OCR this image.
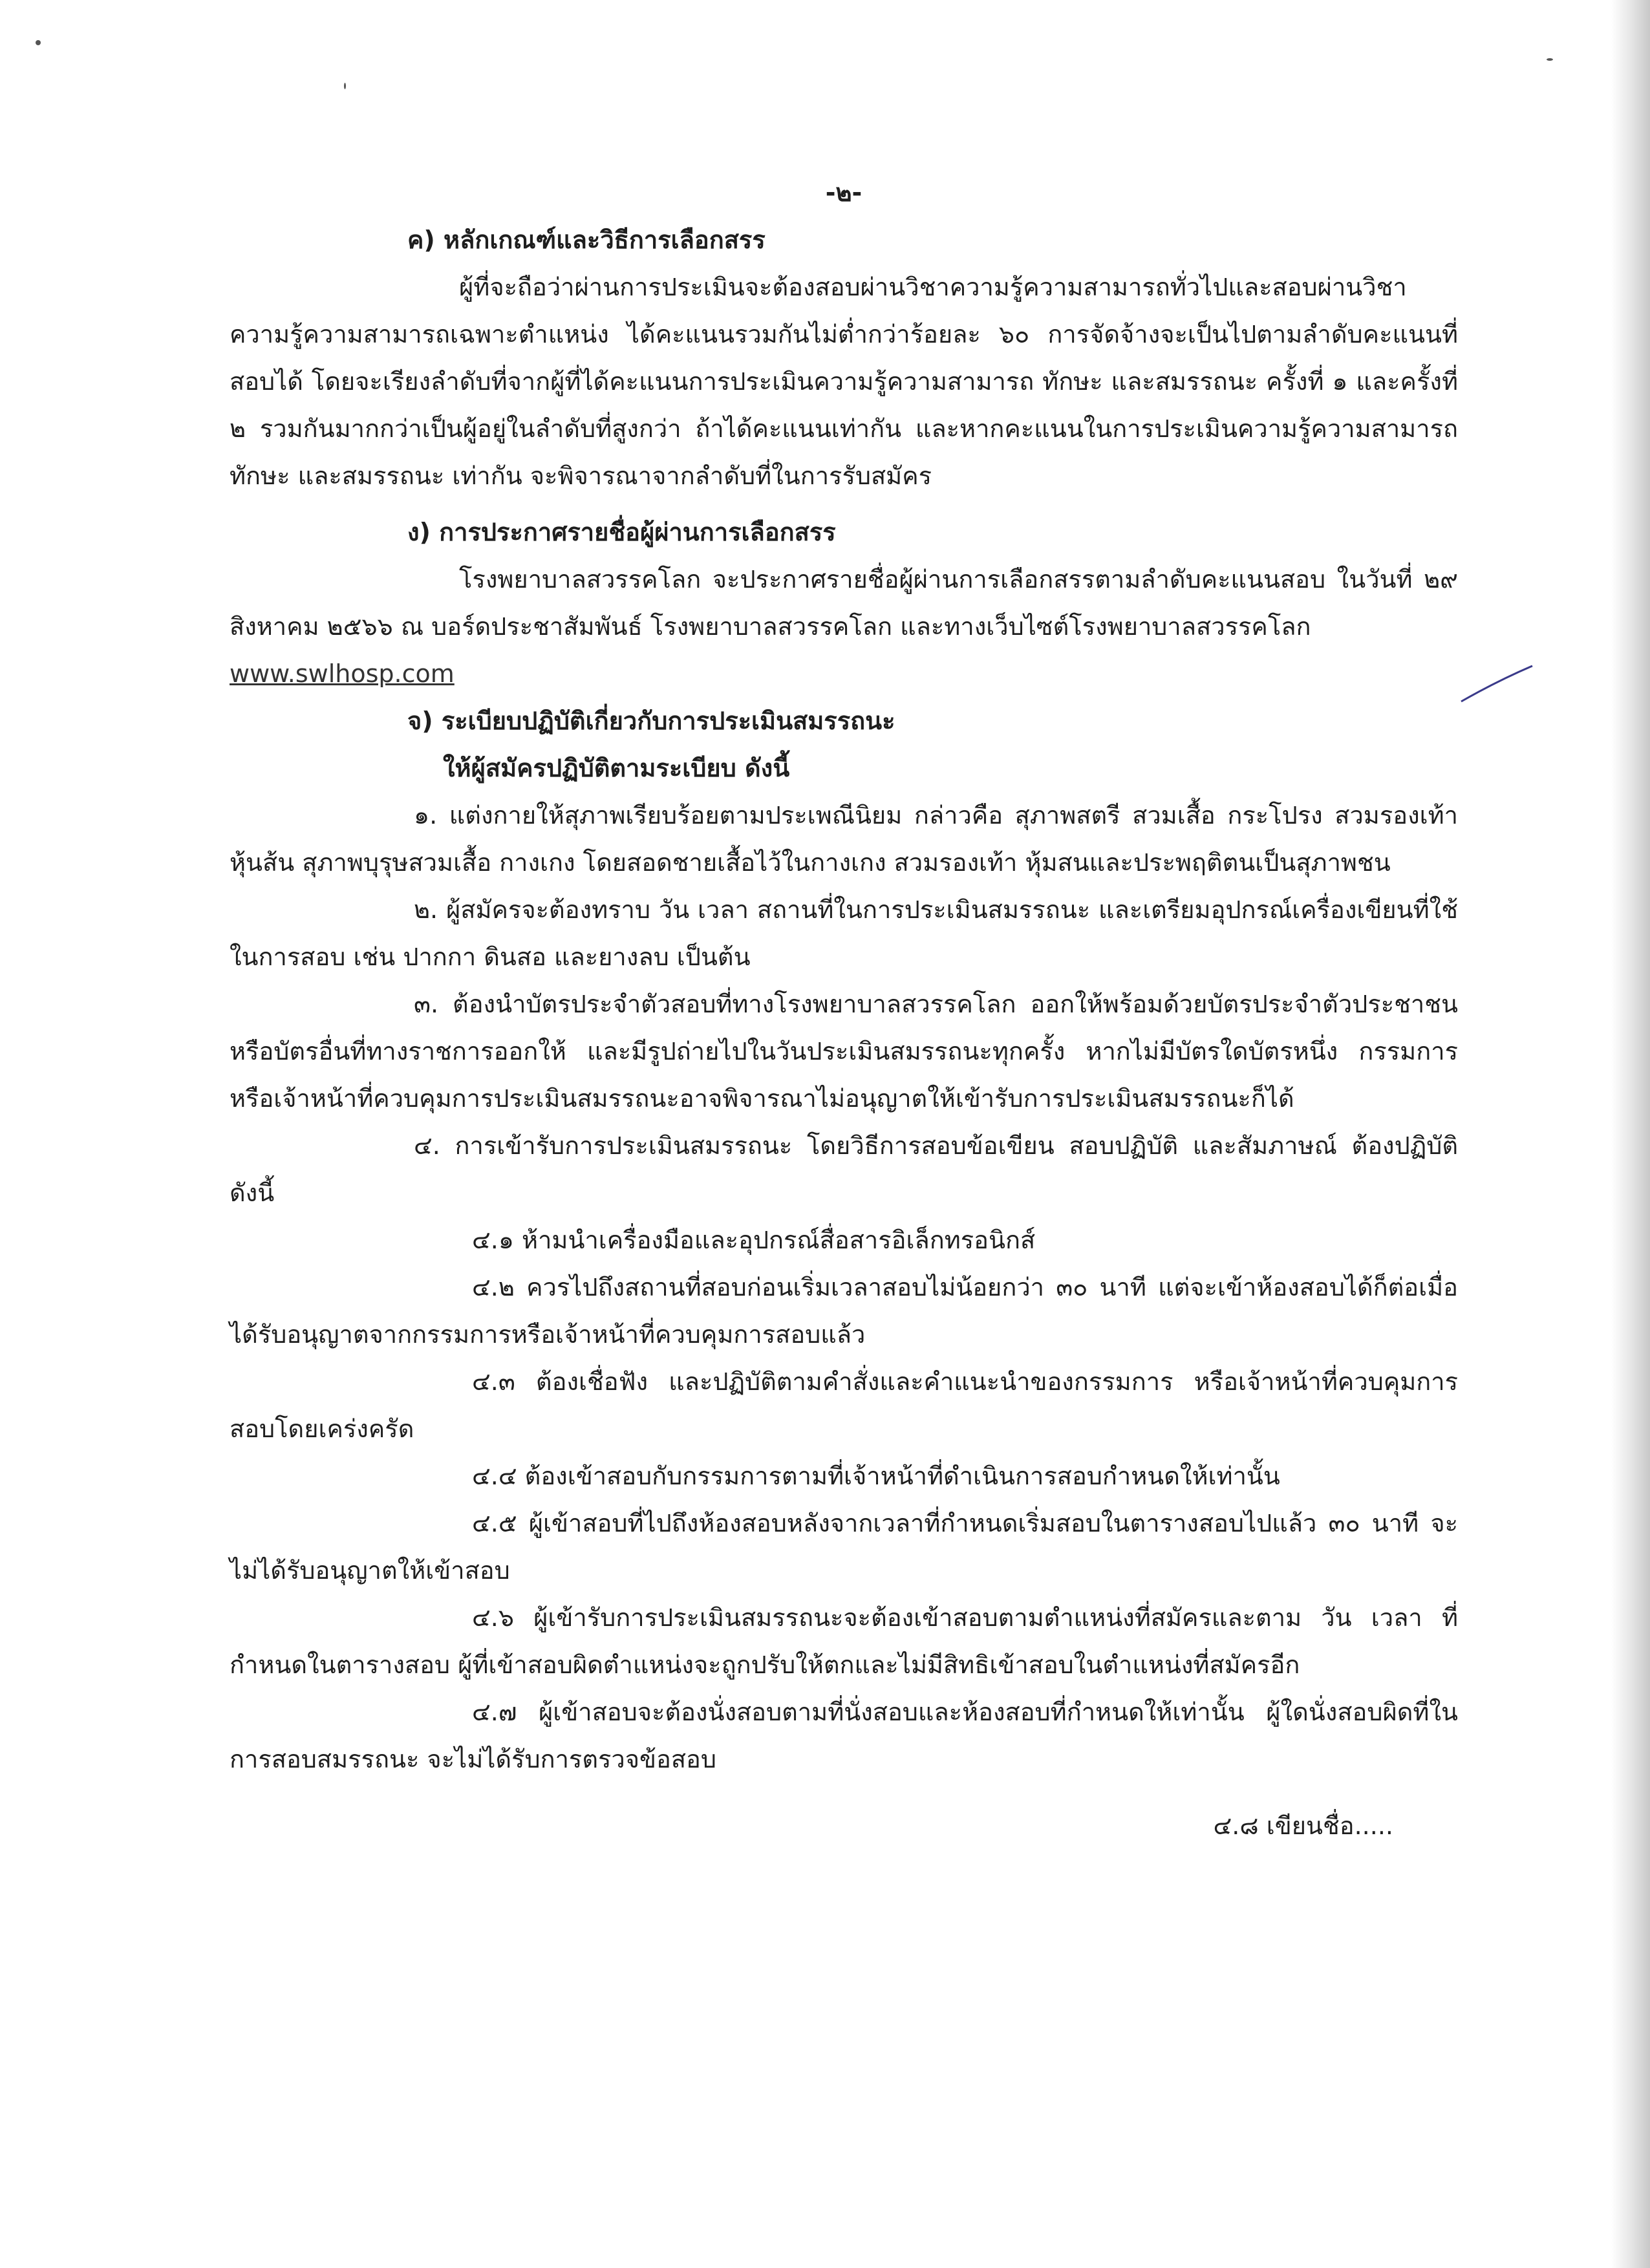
-๒-
ค) หลักเกณฑ์และวิธีการเลือกสรร
ผู้ที่จะถือว่าผ่านการประเมินจะต้องสอบผ่านวิชาความรู้ความสามารถทั่วไปและสอบผ่านวิชาความรู้ความสามารถเฉพาะตำแหน่ง ได้คะแนนรวมกันไม่ต่ำกว่าร้อยละ ๖๐ การจัดจ้างจะเป็นไปตามลำดับคะแนนที่สอบได้ โดยจะเรียงลำดับที่จากผู้ที่ได้คะแนนการประเมินความรู้ความสามารถ ทักษะ และสมรรถนะ ครั้งที่ ๑ และครั้งที่ ๒ รวมกันมากกว่าเป็นผู้อยู่ในลำดับที่สูงกว่า ถ้าได้คะแนนเท่ากัน และหากคะแนนในการประเมินความรู้ความสามารถ ทักษะ และสมรรถนะ เท่ากัน จะพิจารณาจากลำดับที่ในการรับสมัคร
ง) การประกาศรายชื่อผู้ผ่านการเลือกสรร
โรงพยาบาลสวรรคโลก จะประกาศรายชื่อผู้ผ่านการเลือกสรรตามลำดับคะแนนสอบ ในวันที่ ๒๙ สิงหาคม ๒๕๖๖ ณ บอร์ดประชาสัมพันธ์ โรงพยาบาลสวรรคโลก และทางเว็บไซต์โรงพยาบาลสวรรคโลก
www.swlhosp.com
จ) ระเบียบปฏิบัติเกี่ยวกับการประเมินสมรรถนะ
ให้ผู้สมัครปฏิบัติตามระเบียบ ดังนี้
๑. แต่งกายให้สุภาพเรียบร้อยตามประเพณีนิยม กล่าวคือ สุภาพสตรี สวมเสื้อ กระโปรง สวมรองเท้าหุ้นส้น สุภาพบุรุษสวมเสื้อ กางเกง โดยสอดชายเสื้อไว้ในกางเกง สวมรองเท้า หุ้มสนและประพฤติตนเป็นสุภาพชน
๒. ผู้สมัครจะต้องทราบ วัน เวลา สถานที่ในการประเมินสมรรถนะ และเตรียมอุปกรณ์เครื่องเขียนที่ใช้ในการสอบ เช่น ปากกา ดินสอ และยางลบ เป็นต้น
๓. ต้องนำบัตรประจำตัวสอบที่ทางโรงพยาบาลสวรรคโลก ออกให้พร้อมด้วยบัตรประจำตัวประชาชนหรือบัตรอื่นที่ทางราชการออกให้ และมีรูปถ่ายไปในวันประเมินสมรรถนะทุกครั้ง หากไม่มีบัตรใดบัตรหนึ่ง กรรมการหรือเจ้าหน้าที่ควบคุมการประเมินสมรรถนะอาจพิจารณาไม่อนุญาตให้เข้ารับการประเมินสมรรถนะก็ได้
๔. การเข้ารับการประเมินสมรรถนะ โดยวิธีการสอบข้อเขียน สอบปฏิบัติ และสัมภาษณ์ ต้องปฏิบัติ ดังนี้
๔.๑ ห้ามนำเครื่องมือและอุปกรณ์สื่อสารอิเล็กทรอนิกส์
๔.๒ ควรไปถึงสถานที่สอบก่อนเริ่มเวลาสอบไม่น้อยกว่า ๓๐ นาที แต่จะเข้าห้องสอบได้ก็ต่อเมื่อได้รับอนุญาตจากกรรมการหรือเจ้าหน้าที่ควบคุมการสอบแล้ว
๔.๓ ต้องเชื่อฟัง และปฏิบัติตามคำสั่งและคำแนะนำของกรรมการ หรือเจ้าหน้าที่ควบคุมการสอบโดยเคร่งครัด
๔.๔ ต้องเข้าสอบกับกรรมการตามที่เจ้าหน้าที่ดำเนินการสอบกำหนดให้เท่านั้น
๔.๕ ผู้เข้าสอบที่ไปถึงห้องสอบหลังจากเวลาที่กำหนดเริ่มสอบในตารางสอบไปแล้ว ๓๐ นาที จะไม่ได้รับอนุญาตให้เข้าสอบ
๔.๖ ผู้เข้ารับการประเมินสมรรถนะจะต้องเข้าสอบตามตำแหน่งที่สมัครและตาม วัน เวลา ที่กำหนดในตารางสอบ ผู้ที่เข้าสอบผิดตำแหน่งจะถูกปรับให้ตกและไม่มีสิทธิเข้าสอบในตำแหน่งที่สมัครอีก
๔.๗ ผู้เข้าสอบจะต้องนั่งสอบตามที่นั่งสอบและห้องสอบที่กำหนดให้เท่านั้น ผู้ใดนั่งสอบผิดที่ในการสอบสมรรถนะ จะไม่ได้รับการตรวจข้อสอบ
๔.๘ เขียนชื่อ.....
